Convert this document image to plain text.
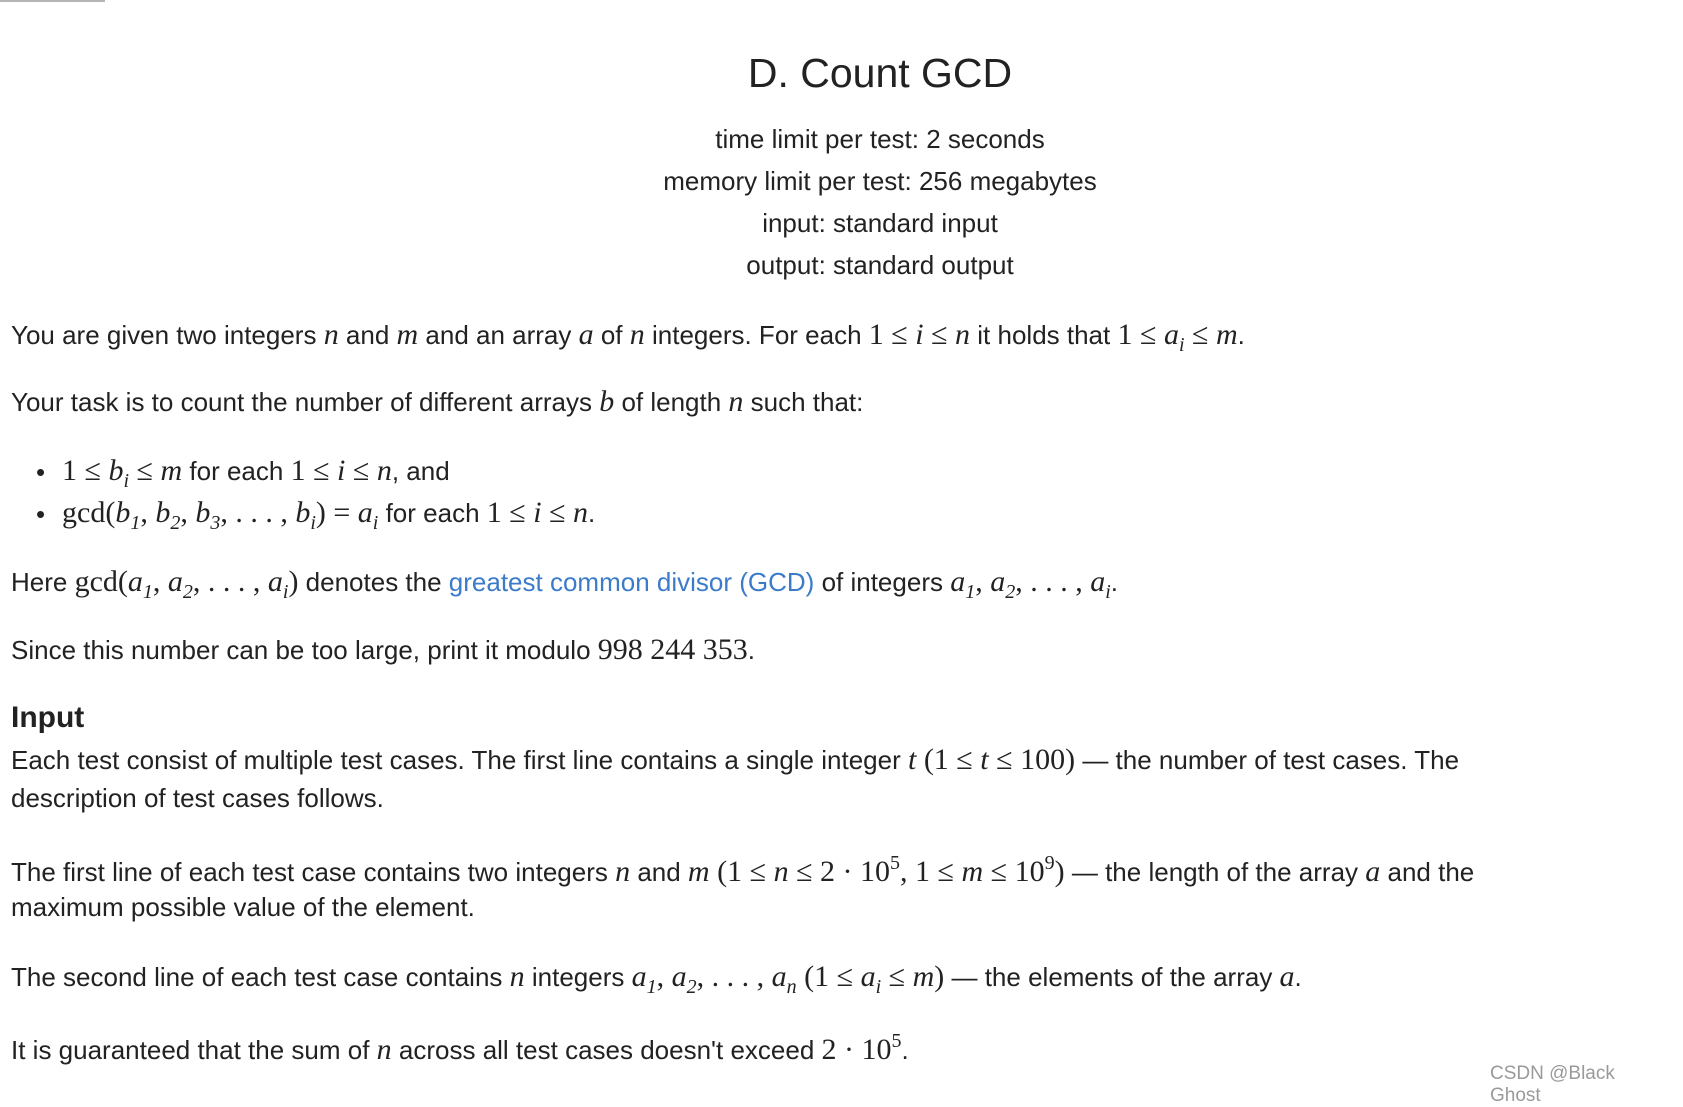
D. Count GCD
time limit per test: 2 seconds
memory limit per test: 256 megabytes
input: standard input
output: standard output
You are given two integers n and m and an array a of n integers. For each 1 ≤ i ≤ n it holds that $1 \le a_i \le m$.
Your task is to count the number of different arrays b of length n such that:
$1 \le b_i \le m$ for each 1 ≤ i ≤ n, and
$\gcd(b_1$, $b_2$, $b_3$, . . . , $b_i) = a_i$ for each 1 ≤ i ≤ n.
Here $\gcd(a_1$, $a_2$, . . . , $a_i$) denotes the greatest common divisor (GCD) of integers $a_1$, $a_2$, . . . , $a_i$.
Since this number can be too large, print it modulo 998 244 353.
Input
Each test consist of multiple test cases. The first line contains a single integer t (1 ≤ t ≤ 100) — the number of test cases. The
description of test cases follows.
The first line of each test case contains two integers n and m ($1 \le n \le 2 \cdot 10^5$, $1 \le m \le 10^9$) — the length of the array a and the
maximum possible value of the element.
The second line of each test case contains n integers $a_1$, $a_2$, . . . , $a_n$ $(1 \le a_i \le m)$ — the elements of the array a.
It is guaranteed that the sum of n across all test cases doesn't exceed $2 \cdot 10^5$.
•
•
CSDN @Black　Ghost
